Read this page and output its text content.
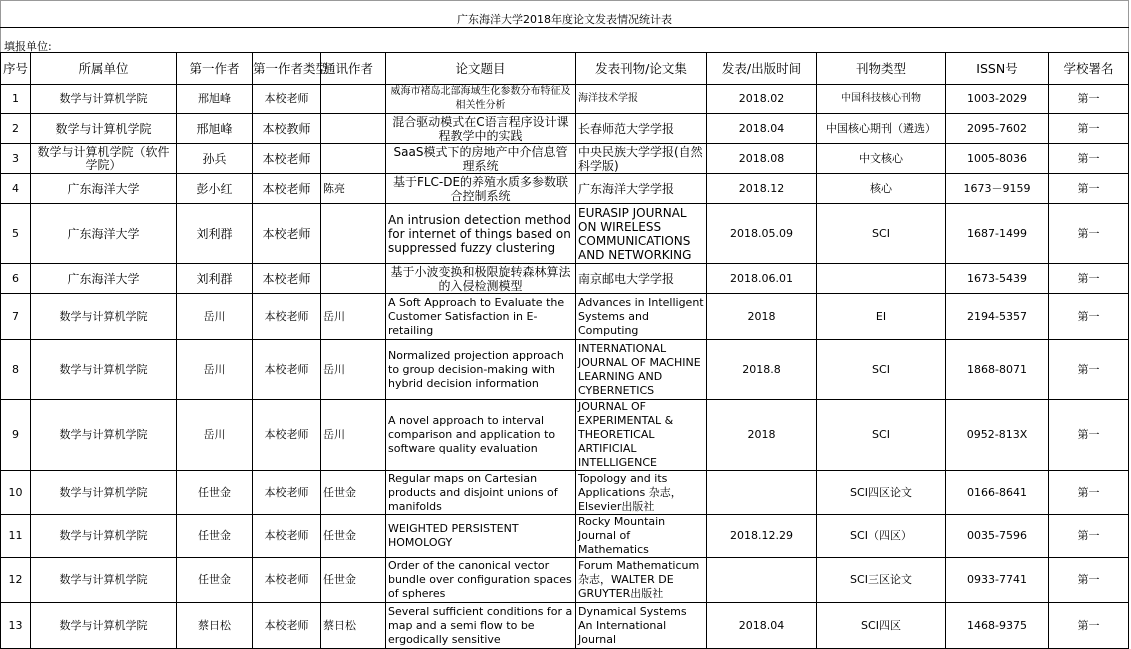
广东海洋大学2018年度论文发表情况统计表
填报单位:
序号	所属单位	第一作者	第一作者类型	通讯作者	论文题目	发表刊物/论文集	发表/出版时间	刊物类型	ISSN号	学校署名
1	数学与计算机学院	邢旭峰	本校老师		威海市褚岛北部海域生化参数分布特征及相关性分析	海洋技术学报	2018.02	中国科技核心刊物	1003-2029	第一
2	数学与计算机学院	邢旭峰	本校教师		混合驱动模式在C语言程序设计课程教学中的实践	长春师范大学学报	2018.04	中国核心期刊（遴选）	2095-7602	第一
3	数学与计算机学院（软件学院）	孙兵	本校老师		SaaS模式下的房地产中介信息管理系统	中央民族大学学报(自然科学版)	2018.08	中文核心	1005-8036	第一
4	广东海洋大学	彭小红	本校老师	陈亮	基于FLC-DE的养殖水质多参数联合控制系统	广东海洋大学学报	2018.12	核心	1673－9159	第一
5	广东海洋大学	刘利群	本校老师		An intrusion detection method for internet of things based on suppressed fuzzy clustering	EURASIP JOURNAL ON WIRELESS COMMUNICATIONS AND NETWORKING	2018.05.09	SCI	1687-1499	第一
6	广东海洋大学	刘利群	本校老师		基于小波变换和极限旋转森林算法的入侵检测模型	南京邮电大学学报	2018.06.01		1673-5439	第一
7	数学与计算机学院	岳川	本校老师	岳川	A Soft Approach to Evaluate the Customer Satisfaction in E-retailing	Advances in Intelligent Systems and Computing	2018	EI	2194-5357	第一
8	数学与计算机学院	岳川	本校老师	岳川	Normalized projection approach to group decision-making with hybrid decision information	INTERNATIONAL JOURNAL OF MACHINE LEARNING AND CYBERNETICS	2018.8	SCI	1868-8071	第一
9	数学与计算机学院	岳川	本校老师	岳川	A novel approach to interval comparison and application to software quality evaluation	JOURNAL OF EXPERIMENTAL & THEORETICAL ARTIFICIAL INTELLIGENCE	2018	SCI	0952-813X	第一
10	数学与计算机学院	任世金	本校老师	任世金	Regular maps on Cartesian products and disjoint unions of manifolds	Topology and its Applications 杂志，Elsevier出版社		SCI四区论文	0166-8641	第一
11	数学与计算机学院	任世金	本校老师	任世金	WEIGHTED PERSISTENT HOMOLOGY	Rocky Mountain Journal of Mathematics	2018.12.29	SCI（四区）	0035-7596	第一
12	数学与计算机学院	任世金	本校老师	任世金	Order of the canonical vector bundle over configuration spaces of spheres	Forum Mathematicum杂志，WALTER DE GRUYTER出版社		SCI三区论文	0933-7741	第一
13	数学与计算机学院	蔡日松	本校老师	蔡日松	Several sufficient conditions for a map and a semi flow to be ergodically sensitive	Dynamical Systems An International Journal	2018.04	SCI四区	1468-9375	第一
